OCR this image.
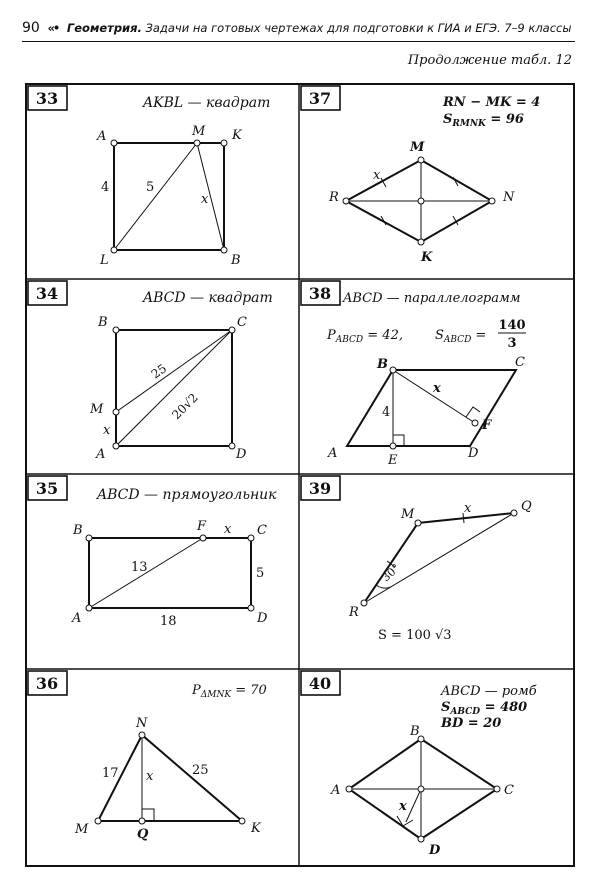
90 «• Геометрия. Задачи на готовых чертежах для подготовки к ГИА и ЕГЭ. 7–9 классы
Продолжение табл. 12
33	AKBL — квадрат
A	M K
L	B
4	5
x
37	RN − MK = 4
$S_{RMNK} = 96$
M
R	N
K
x
34	ABCD — квадрат
B	C
M
A	D
x
25
20√2
38 ABCD — параллелограмм
$P_{ABCD} = 42$, $S_{ABCD}$ =
140
3
B	C
A	E	D
F
4
x
35	ABCD — прямоугольник
B	F	C
A	D
x
13	5
18
39
M
Q
R
x
30°
S = 100 √3
36	$P_{\Delta MNK} = 70$
N
M	Q	K
17	25
x
40	ABCD — ромб
$S_{ABCD} = 480$
BD = 20
B
A	C
D
x
